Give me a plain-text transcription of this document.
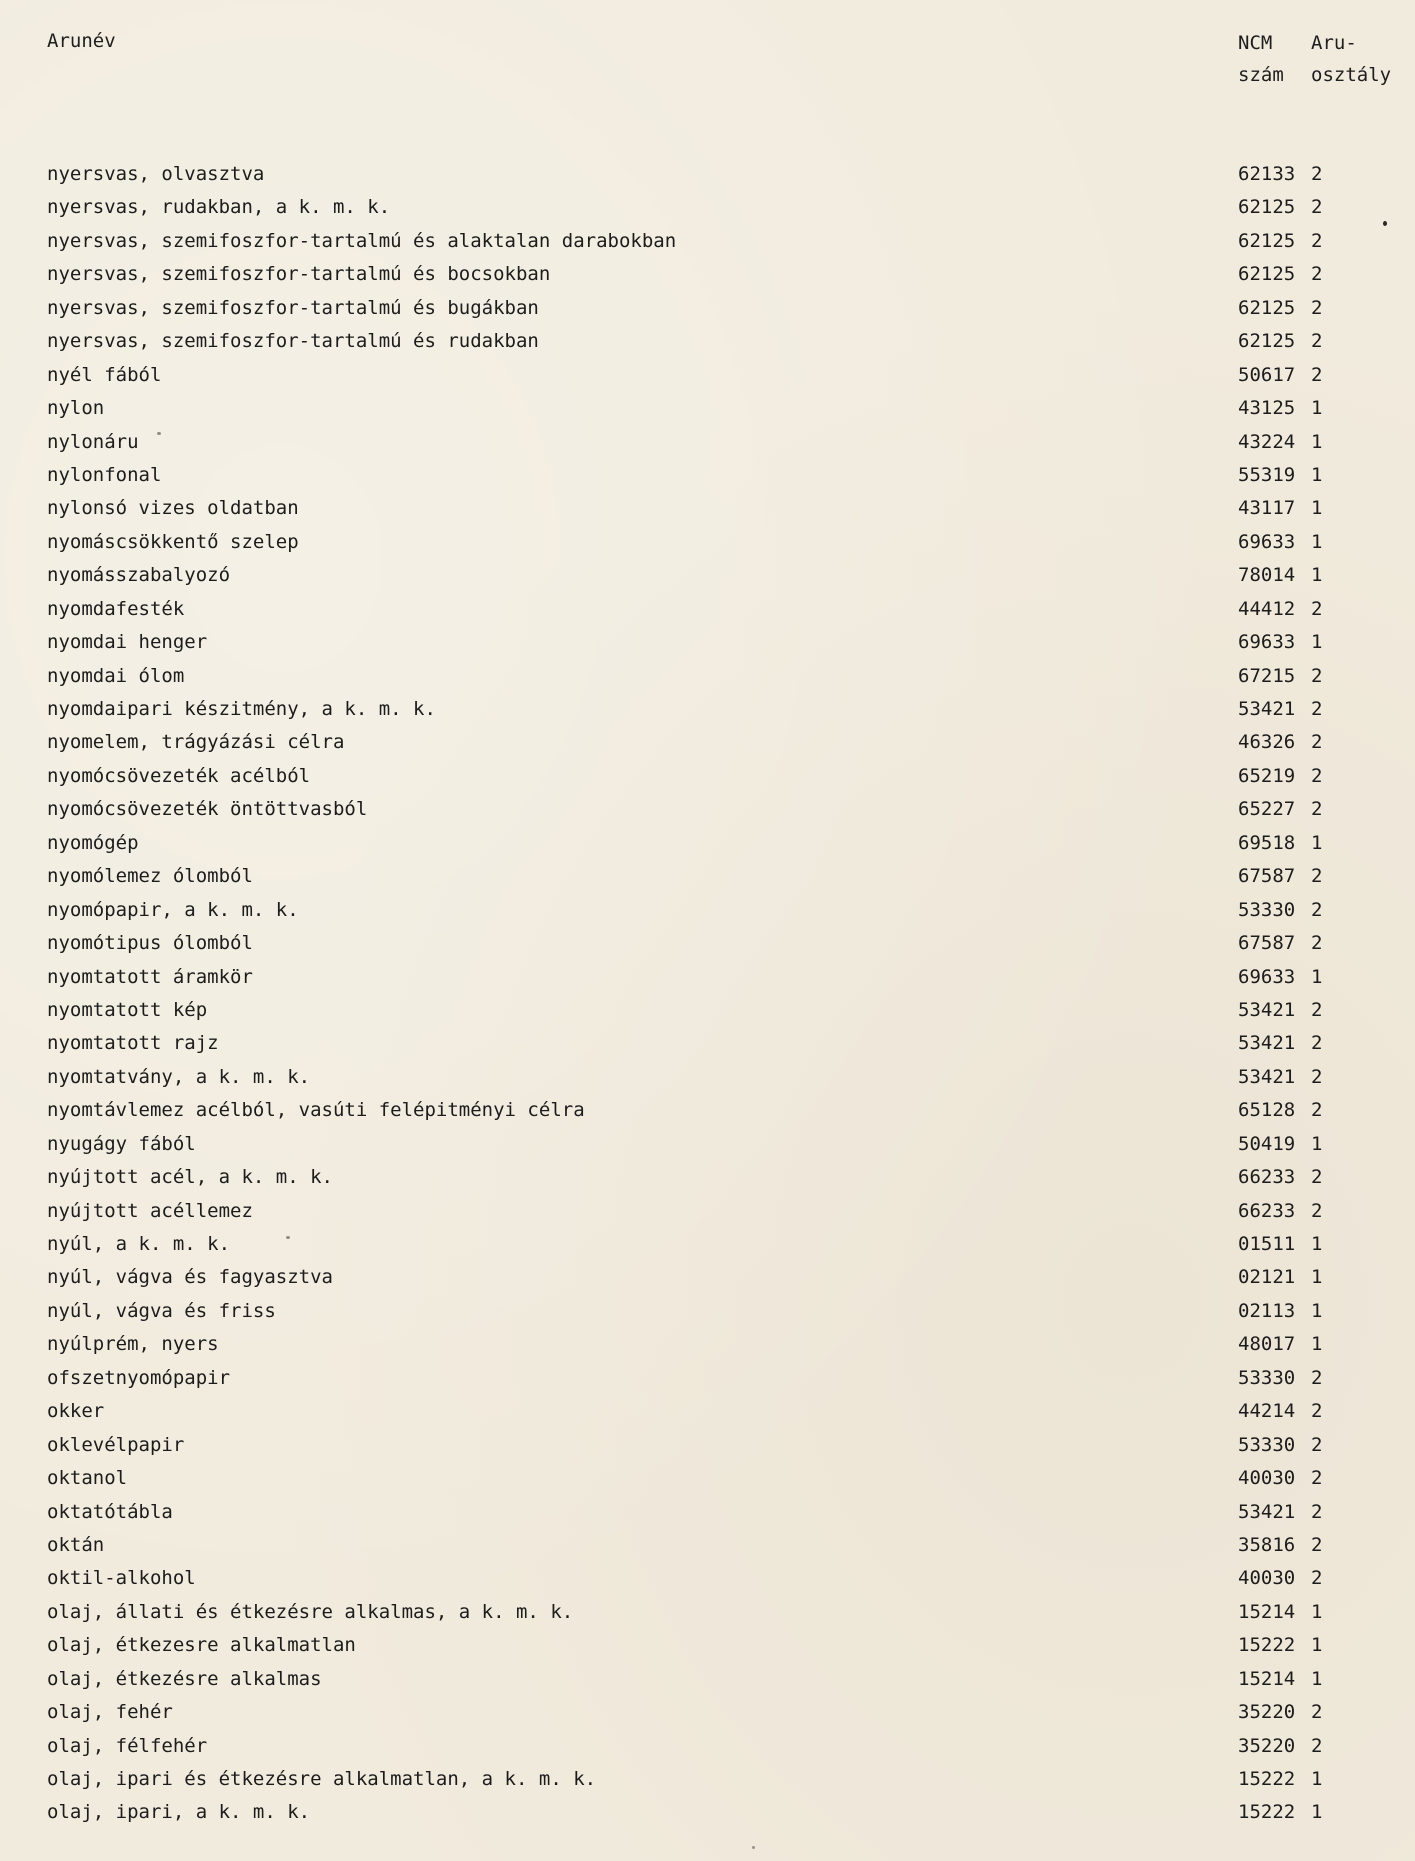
Arunév	NCM
szám
Aru-
osztály
nyersvas, olvasztva	62133 2
nyersvas, rudakban, a k. m. k.	62125 2
nyersvas, szemifoszfor-tartalmú és alaktalan darabokban	62125 2
nyersvas, szemifoszfor-tartalmú és bocsokban	62125 2
nyersvas, szemifoszfor-tartalmú és bugákban	62125 2
nyersvas, szemifoszfor-tartalmú és rudakban	62125 2
nyél fából	50617 2
nylon	43125 1
nylonáru	43224 1
nylonfonal	55319 1
nylonsó vizes oldatban	43117 1
nyomáscsökkentő szelep	69633 1
nyomásszabalyozó	78014 1
nyomdafesték	44412 2
nyomdai henger	69633 1
nyomdai ólom	67215 2
nyomdaipari készitmény, a k. m. k.	53421 2
nyomelem, trágyázási célra	46326 2
nyomócsövezeték acélból	65219 2
nyomócsövezeték öntöttvasból	65227 2
nyomógép	69518 1
nyomólemez ólomból	67587 2
nyomópapir, a k. m. k.	53330 2
nyomótipus ólomból	67587 2
nyomtatott áramkör	69633 1
nyomtatott kép	53421 2
nyomtatott rajz	53421 2
nyomtatvány, a k. m. k.	53421 2
nyomtávlemez acélból, vasúti felépitményi célra	65128 2
nyugágy fából	50419 1
nyújtott acél, a k. m. k.	66233 2
nyújtott acéllemez	66233 2
nyúl, a k. m. k.	01511 1
nyúl, vágva és fagyasztva	02121 1
nyúl, vágva és friss	02113 1
nyúlprém, nyers	48017 1
ofszetnyomópapir	53330 2
okker	44214 2
oklevélpapir	53330 2
oktanol	40030 2
oktatótábla	53421 2
oktán	35816 2
oktil-alkohol	40030 2
olaj, állati és étkezésre alkalmas, a k. m. k.	15214 1
olaj, étkezesre alkalmatlan	15222 1
olaj, étkezésre alkalmas	15214 1
olaj, fehér	35220 2
olaj, félfehér	35220 2
olaj, ipari és étkezésre alkalmatlan, a k. m. k.	15222 1
olaj, ipari, a k. m. k.	15222 1
